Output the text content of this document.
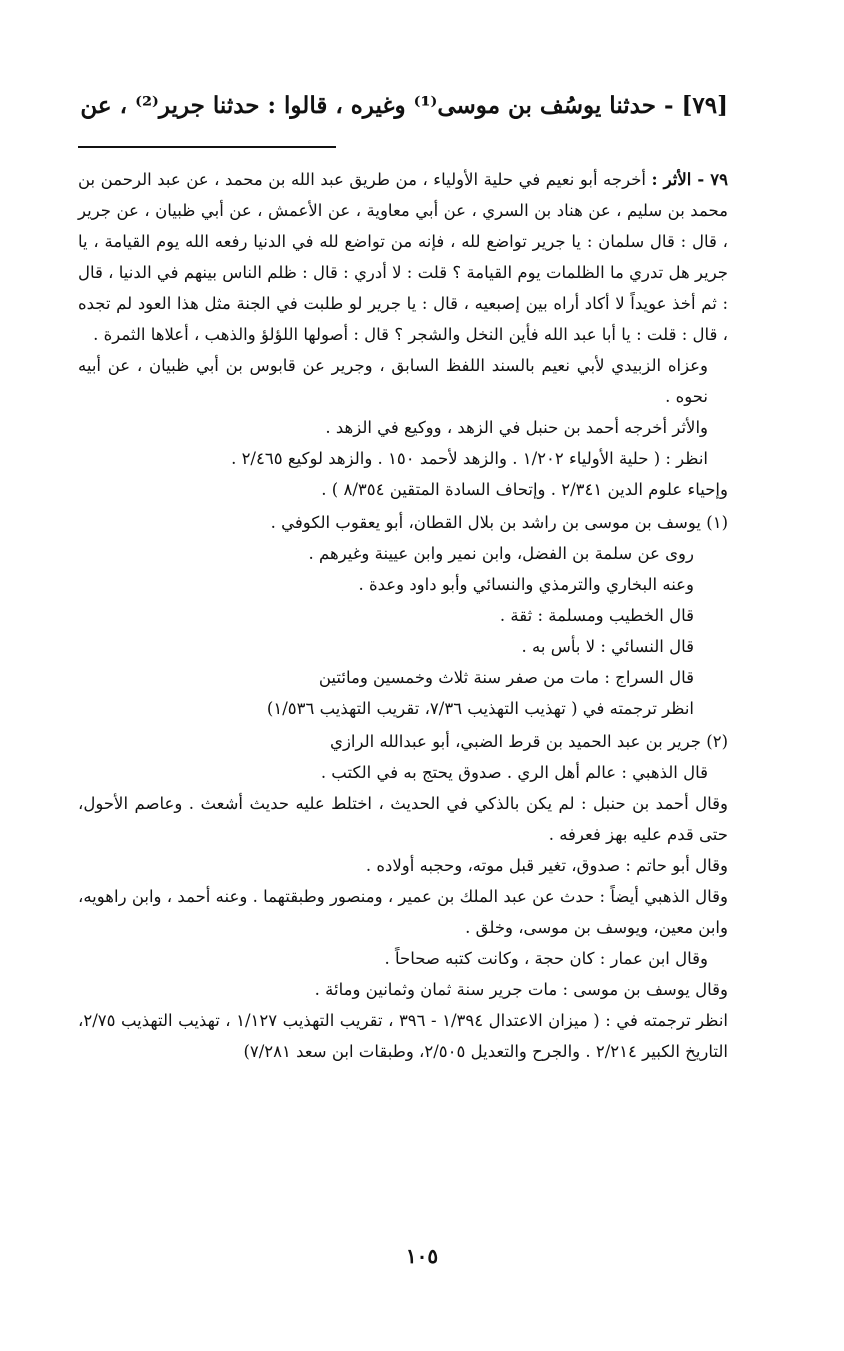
[٧٩] - حدثنا يوسُف بن موسى⁽¹⁾ وغيره ، قالوا : حدثنا جرير⁽²⁾ ، عن

٧٩ - الأثر : أخرجه أبو نعيم في حلية الأولياء ، من طريق عبد الله بن محمد ، عن عبد الرحمن بن محمد بن سليم ، عن هناد بن السري ، عن أبي معاوية ، عن الأعمش ، عن أبي ظبيان ، عن جرير ، قال : قال سلمان : يا جرير تواضع لله ، فإنه من تواضع لله في الدنيا رفعه الله يوم القيامة ، يا جرير هل تدري ما الظلمات يوم القيامة ؟ قلت : لا أدري : قال : ظلم الناس بينهم في الدنيا ، قال : ثم أخذ عويداً لا أكاد أراه بين إصبعيه ، قال : يا جرير لو طلبت في الجنة مثل هذا العود لم تجده ، قال : قلت : يا أبا عبد الله فأين النخل والشجر ؟ قال : أصولها اللؤلؤ والذهب ، أعلاها الثمرة .

وعزاه الزبيدي لأبي نعيم بالسند اللفظ السابق ، وجرير عن قابوس بن أبي ظبيان ، عن أبيه نحوه .

والأثر أخرجه أحمد بن حنبل في الزهد ، ووكيع في الزهد .

انظر : ( حلية الأولياء ١/٢٠٢ . والزهد لأحمد ١٥٠ . والزهد لوكيع ٢/٤٦٥ .

وإحياء علوم الدين ٢/٣٤١ . وإتحاف السادة المتقين ٨/٣٥٤ ) .

(١) يوسف بن موسى بن راشد بن بلال القطان، أبو يعقوب الكوفي .

روى عن سلمة بن الفضل، وابن نمير وابن عيينة وغيرهم .

وعنه البخاري والترمذي والنسائي وأبو داود وعدة .

قال الخطيب ومسلمة : ثقة .

قال النسائي : لا بأس به .

قال السراج : مات من صفر سنة ثلاث وخمسين ومائتين

انظر ترجمته في ( تهذيب التهذيب ٧/٣٦، تقريب التهذيب ١/٥٣٦)

(٢) جرير بن عبد الحميد بن قرط الضبي، أبو عبدالله الرازي

قال الذهبي : عالم أهل الري . صدوق يحتج به في الكتب .

وقال أحمد بن حنبل : لم يكن بالذكي في الحديث ، اختلط عليه حديث أشعث . وعاصم الأحول، حتى قدم عليه بهز فعرفه .

وقال أبو حاتم : صدوق، تغير قبل موته، وحجبه أولاده .

وقال الذهبي أيضاً : حدث عن عبد الملك بن عمير ، ومنصور وطبقتهما . وعنه أحمد ، وابن راهويه، وابن معين، ويوسف بن موسى، وخلق .

وقال ابن عمار : كان حجة ، وكانت كتبه صحاحاً .

وقال يوسف بن موسى : مات جرير سنة ثمان وثمانين ومائة .

انظر ترجمته في : ( ميزان الاعتدال ١/٣٩٤ - ٣٩٦ ، تقريب التهذيب ١/١٢٧ ، تهذيب التهذيب ٢/٧٥، التاريخ الكبير ٢/٢١٤ . والجرح والتعديل ٢/٥٠٥، وطبقات ابن سعد ٧/٢٨١)

١٠٥
